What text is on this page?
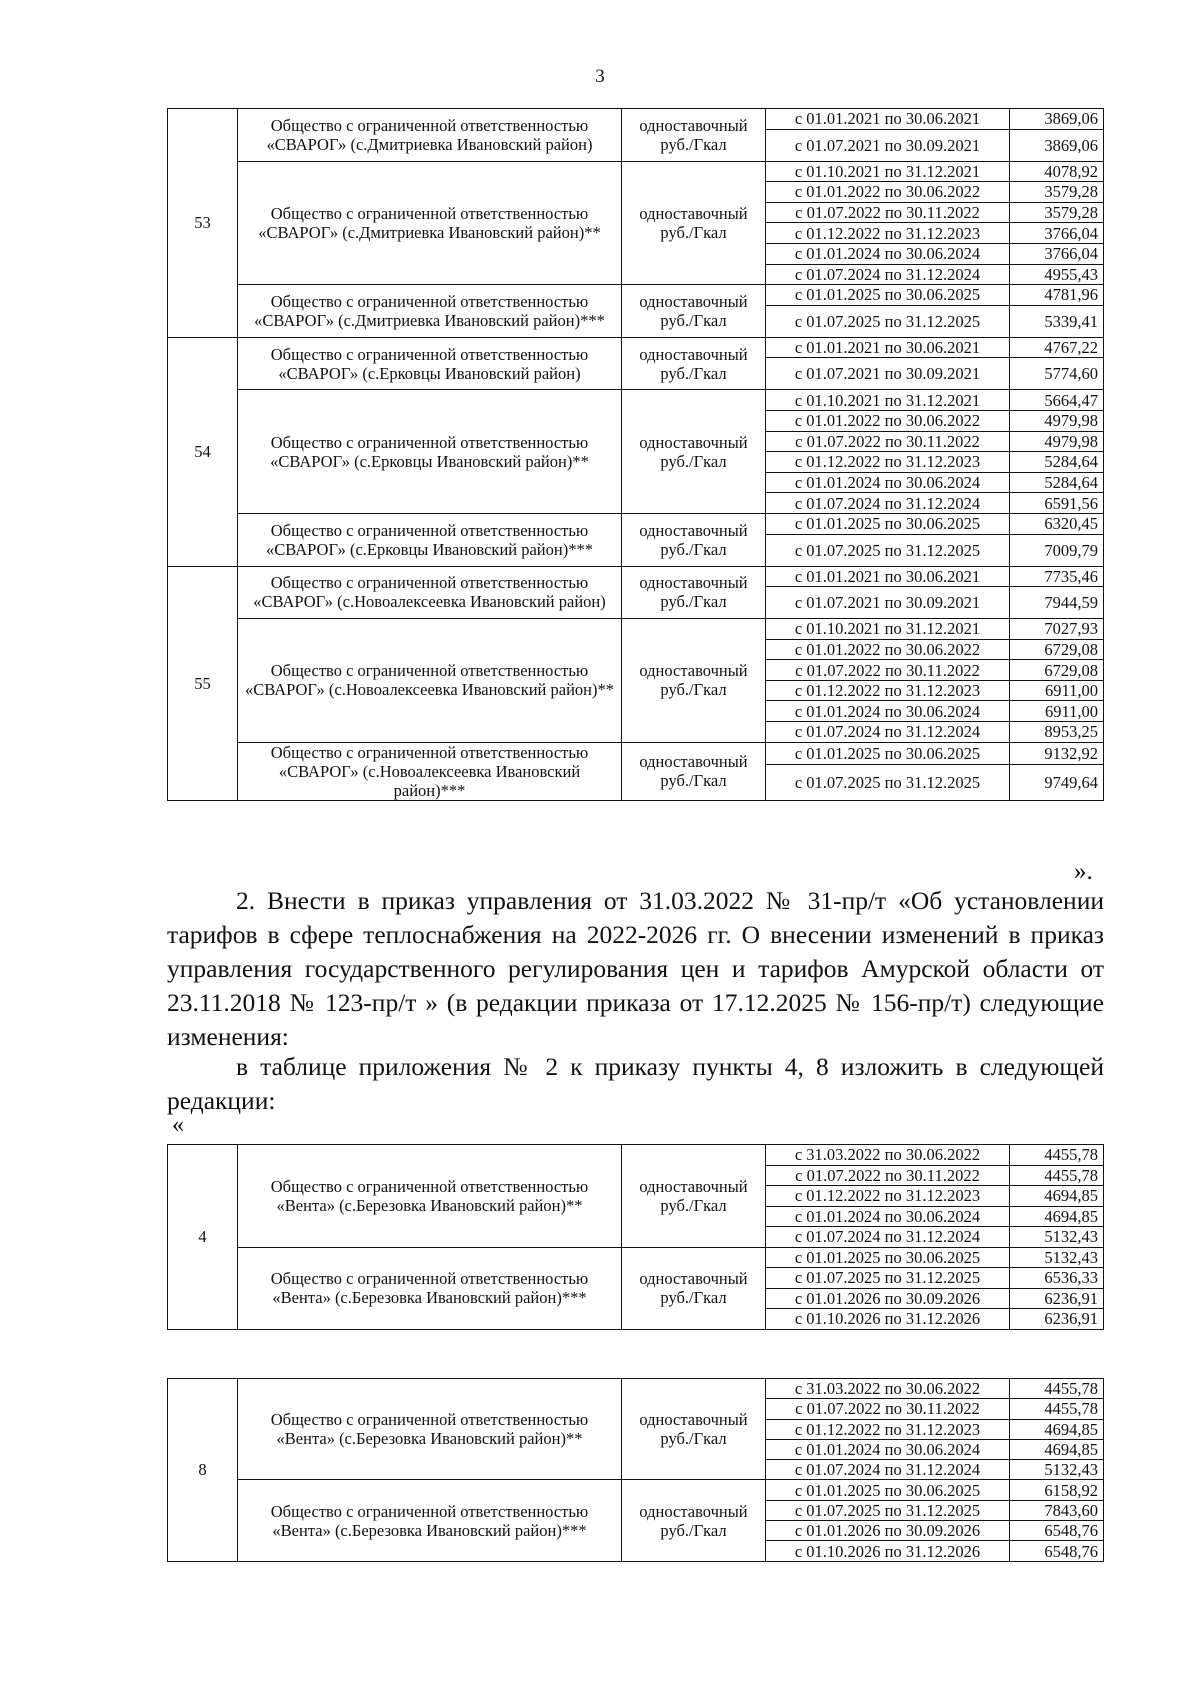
3
53	Общество с ограниченной ответственностью «СВАРОГ» (с.Дмитриевка Ивановский район)	одноставочный руб./Гкал	с 01.01.2021 по 30.06.2021	3869,06
			с 01.07.2021 по 30.09.2021	3869,06
	Общество с ограниченной ответственностью «СВАРОГ» (с.Дмитриевка Ивановский район)**	одноставочный руб./Гкал	с 01.10.2021 по 31.12.2021	4078,92
			с 01.01.2022 по 30.06.2022	3579,28
			с 01.07.2022 по 30.11.2022	3579,28
			с 01.12.2022 по 31.12.2023	3766,04
			с 01.01.2024 по 30.06.2024	3766,04
			с 01.07.2024 по 31.12.2024	4955,43
	Общество с ограниченной ответственностью «СВАРОГ» (с.Дмитриевка Ивановский район)***	одноставочный руб./Гкал	с 01.01.2025 по 30.06.2025	4781,96
			с 01.07.2025 по 31.12.2025	5339,41
54	Общество с ограниченной ответственностью «СВАРОГ» (с.Ерковцы Ивановский район)	одноставочный руб./Гкал	с 01.01.2021 по 30.06.2021	4767,22
			с 01.07.2021 по 30.09.2021	5774,60
	Общество с ограниченной ответственностью «СВАРОГ» (с.Ерковцы Ивановский район)**	одноставочный руб./Гкал	с 01.10.2021 по 31.12.2021	5664,47
			с 01.01.2022 по 30.06.2022	4979,98
			с 01.07.2022 по 30.11.2022	4979,98
			с 01.12.2022 по 31.12.2023	5284,64
			с 01.01.2024 по 30.06.2024	5284,64
			с 01.07.2024 по 31.12.2024	6591,56
	Общество с ограниченной ответственностью «СВАРОГ» (с.Ерковцы Ивановский район)***	одноставочный руб./Гкал	с 01.01.2025 по 30.06.2025	6320,45
			с 01.07.2025 по 31.12.2025	7009,79
55	Общество с ограниченной ответственностью «СВАРОГ» (с.Новоалексеевка Ивановский район)	одноставочный руб./Гкал	с 01.01.2021 по 30.06.2021	7735,46
			с 01.07.2021 по 30.09.2021	7944,59
	Общество с ограниченной ответственностью «СВАРОГ» (с.Новоалексеевка Ивановский район)**	одноставочный руб./Гкал	с 01.10.2021 по 31.12.2021	7027,93
			с 01.01.2022 по 30.06.2022	6729,08
			с 01.07.2022 по 30.11.2022	6729,08
			с 01.12.2022 по 31.12.2023	6911,00
			с 01.01.2024 по 30.06.2024	6911,00
			с 01.07.2024 по 31.12.2024	8953,25
	Общество с ограниченной ответственностью «СВАРОГ» (с.Новоалексеевка Ивановский район)***	одноставочный руб./Гкал	с 01.01.2025 по 30.06.2025	9132,92
			с 01.07.2025 по 31.12.2025	9749,64
».

2. Внести в приказ управления от 31.03.2022 № 31-пр/т «Об установлении тарифов в сфере теплоснабжения на 2022-2026 гг. О внесении изменений в приказ управления государственного регулирования цен и тарифов Амурской области от 23.11.2018 № 123-пр/т » (в редакции приказа от 17.12.2025 № 156-пр/т) следующие изменения:

в таблице приложения № 2 к приказу пункты 4, 8 изложить в следующей редакции:

«
4	Общество с ограниченной ответственностью «Вента» (с.Березовка Ивановский район)**	одноставочный руб./Гкал	с 31.03.2022 по 30.06.2022	4455,78
			с 01.07.2022 по 30.11.2022	4455,78
			с 01.12.2022 по 31.12.2023	4694,85
			с 01.01.2024 по 30.06.2024	4694,85
			с 01.07.2024 по 31.12.2024	5132,43
	Общество с ограниченной ответственностью «Вента» (с.Березовка Ивановский район)***	одноставочный руб./Гкал	с 01.01.2025 по 30.06.2025	5132,43
			с 01.07.2025 по 31.12.2025	6536,33
			с 01.01.2026 по 30.09.2026	6236,91
			с 01.10.2026 по 31.12.2026	6236,91
8	Общество с ограниченной ответственностью «Вента» (с.Березовка Ивановский район)**	одноставочный руб./Гкал	с 31.03.2022 по 30.06.2022	4455,78
			с 01.07.2022 по 30.11.2022	4455,78
			с 01.12.2022 по 31.12.2023	4694,85
			с 01.01.2024 по 30.06.2024	4694,85
			с 01.07.2024 по 31.12.2024	5132,43
	Общество с ограниченной ответственностью «Вента» (с.Березовка Ивановский район)***	одноставочный руб./Гкал	с 01.01.2025 по 30.06.2025	6158,92
			с 01.07.2025 по 31.12.2025	7843,60
			с 01.01.2026 по 30.09.2026	6548,76
			с 01.10.2026 по 31.12.2026	6548,76
